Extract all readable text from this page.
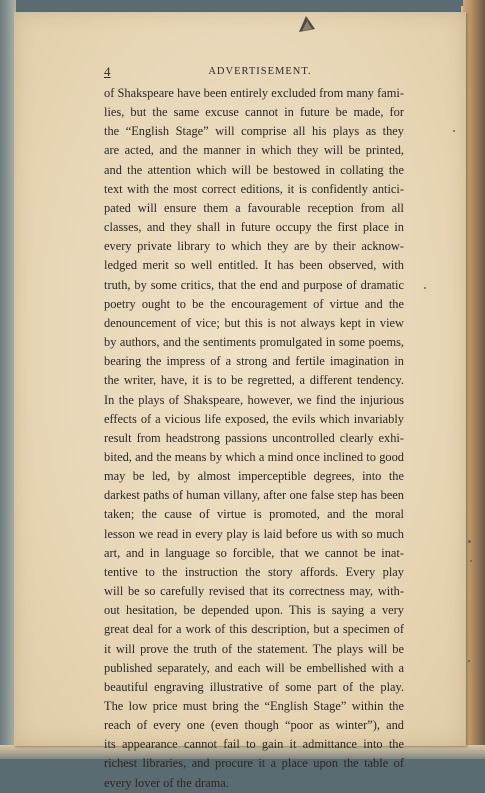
4	ADVERTISEMENT.
of Shakspeare have been entirely excluded from many fami-
lies, but the same excuse cannot in future be made, for
the “English Stage” will comprise all his plays as they
are acted, and the manner in which they will be printed,
and the attention which will be bestowed in collating the
text with the most correct editions, it is confidently antici-
pated will ensure them a favourable reception from all
classes, and they shall in future occupy the first place in
every private library to which they are by their acknow-
ledged merit so well entitled. It has been observed, with
truth, by some critics, that the end and purpose of dramatic
poetry ought to be the encouragement of virtue and the
denouncement of vice; but this is not always kept in view
by authors, and the sentiments promulgated in some poems,
bearing the impress of a strong and fertile imagination in
the writer, have, it is to be regretted, a different tendency.
In the plays of Shakspeare, however, we find the injurious
effects of a vicious life exposed, the evils which invariably
result from headstrong passions uncontrolled clearly exhi-
bited, and the means by which a mind once inclined to good
may be led, by almost imperceptible degrees, into the
darkest paths of human villany, after one false step has been
taken; the cause of virtue is promoted, and the moral
lesson we read in every play is laid before us with so much
art, and in language so forcible, that we cannot be inat-
tentive to the instruction the story affords. Every play
will be so carefully revised that its correctness may, with-
out hesitation, be depended upon. This is saying a very
great deal for a work of this description, but a specimen of
it will prove the truth of the statement. The plays will be
published separately, and each will be embellished with a
beautiful engraving illustrative of some part of the play.
The low price must bring the “English Stage” within the
reach of every one (even though “poor as winter”), and
its appearance cannot fail to gain it admittance into the
richest libraries, and procure it a place upon the table of
every lover of the drama.
